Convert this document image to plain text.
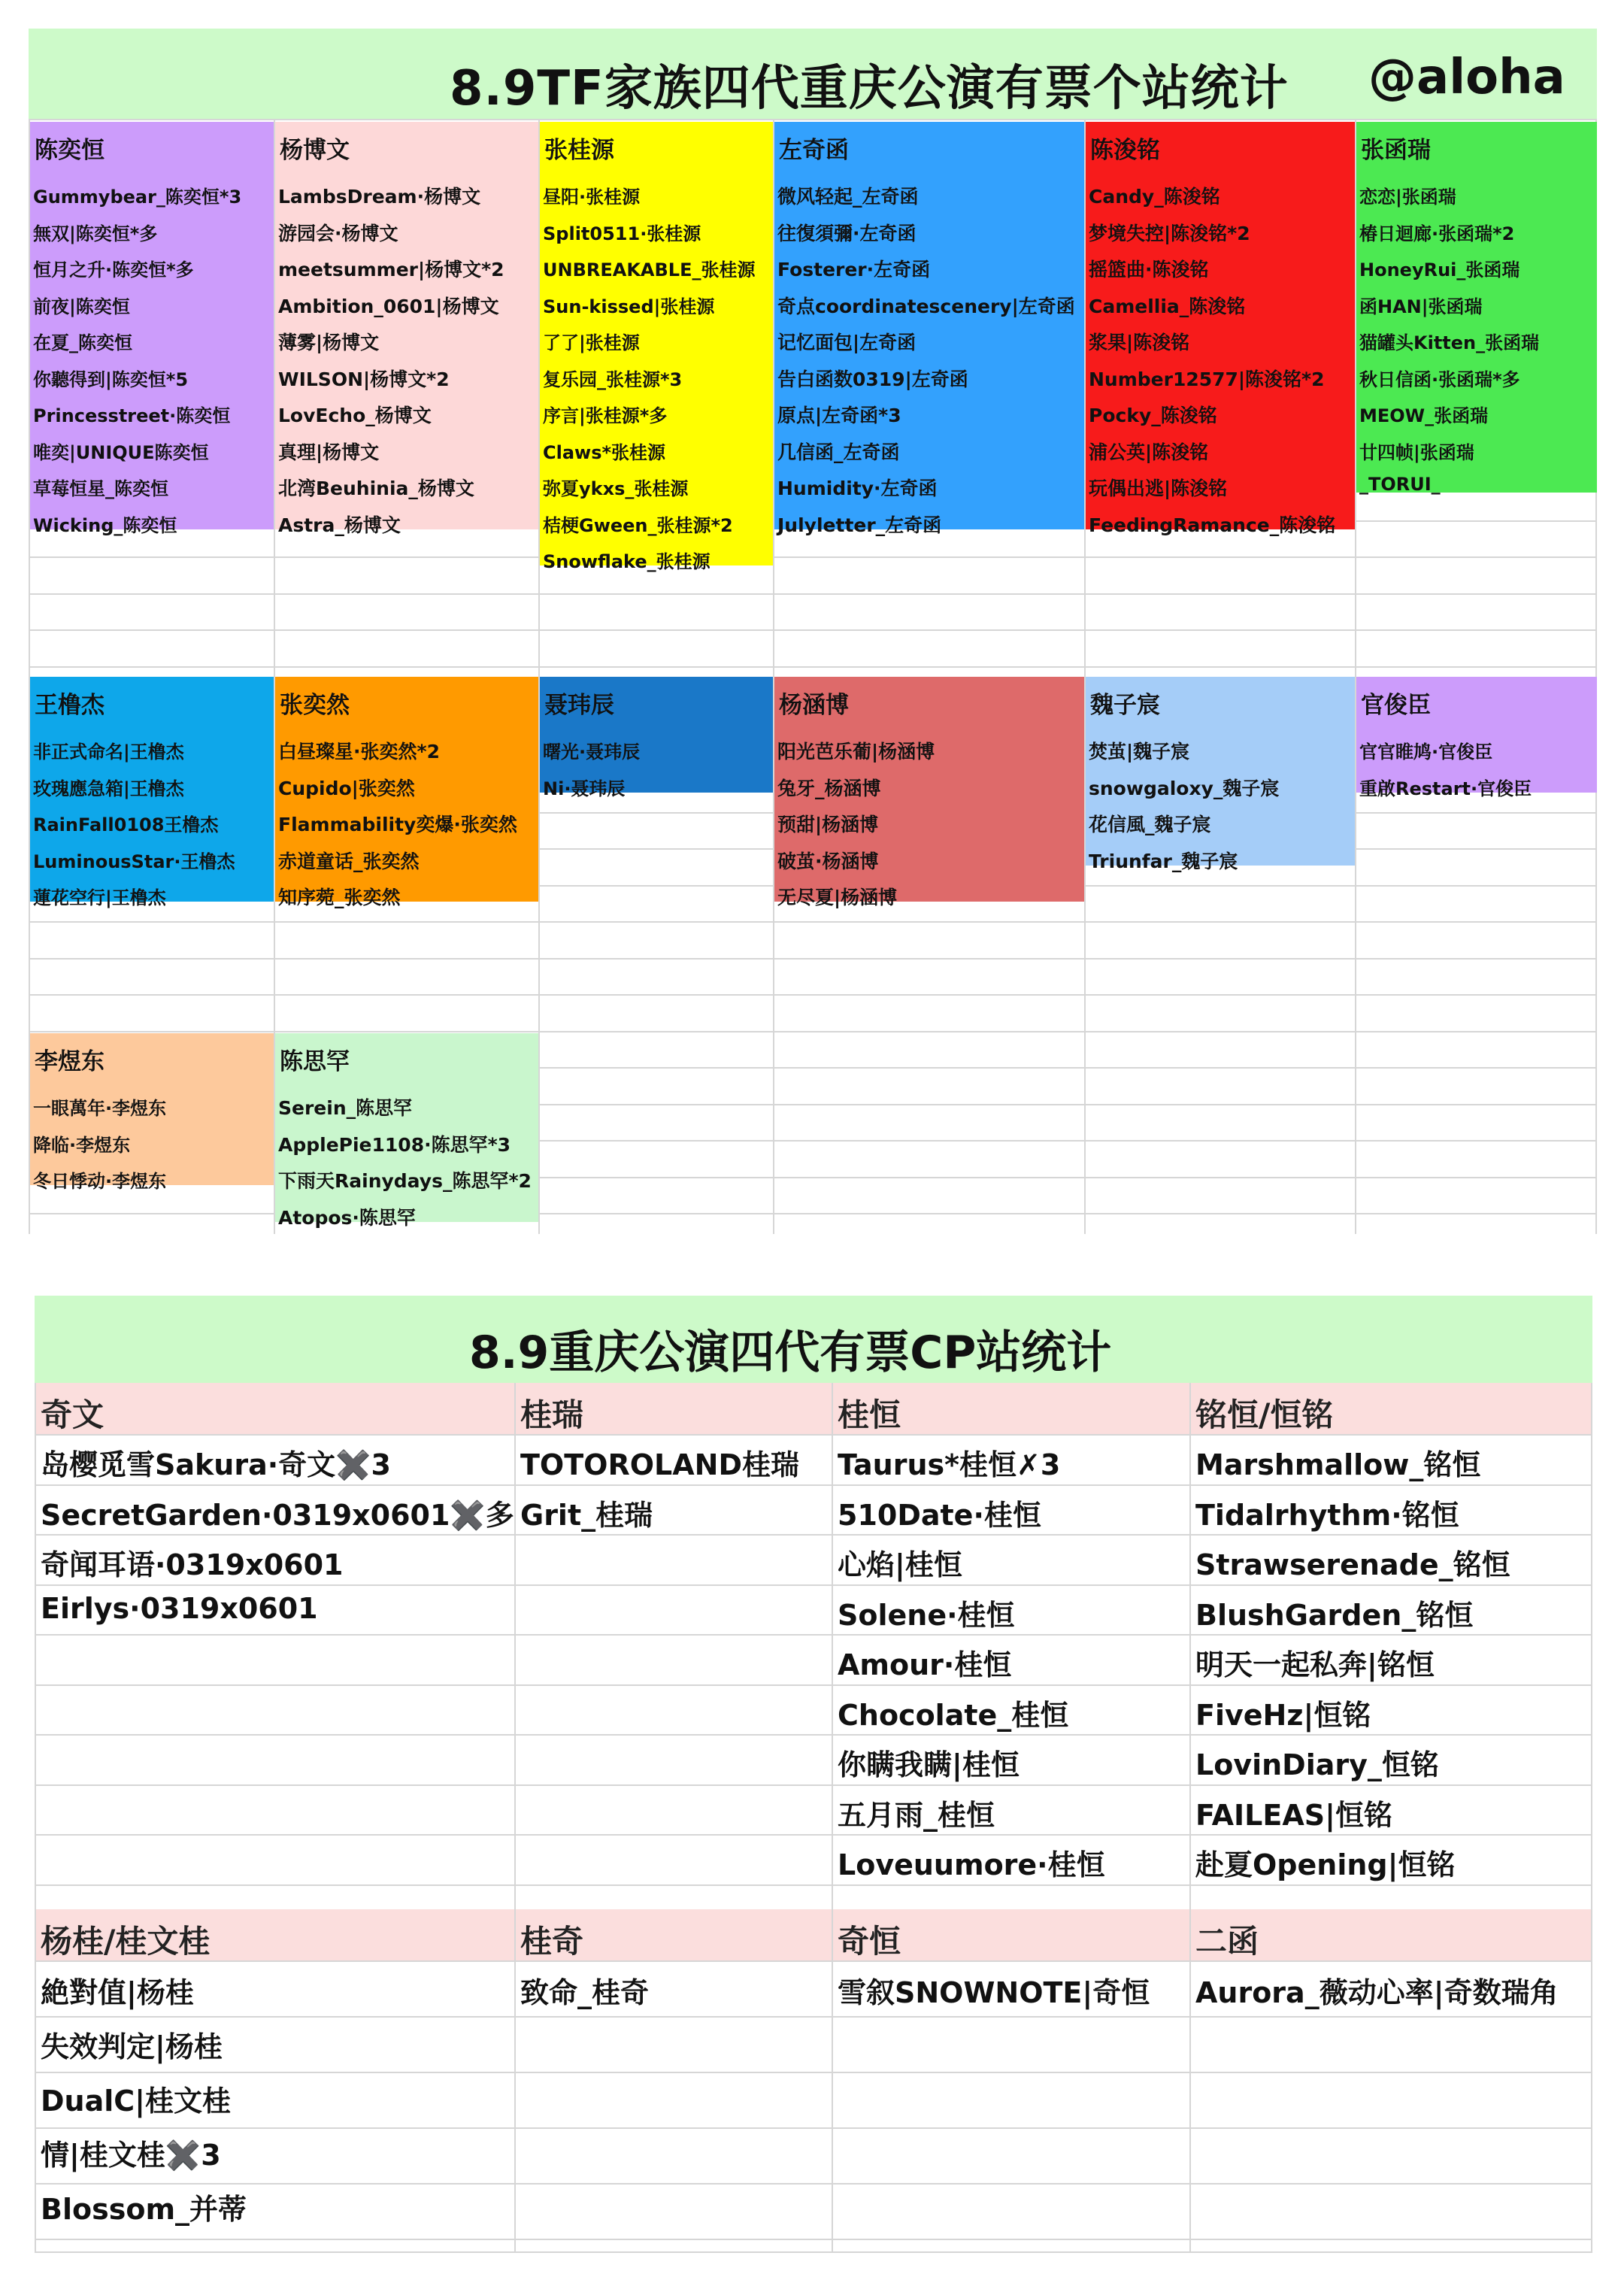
8.9TF家族四代重庆公演有票个站统计 @aloha
陈奕恒
Gummybear_陈奕恒*3
無双|陈奕恒*多
恒月之升·陈奕恒*多
前夜|陈奕恒
在夏_陈奕恒
你聽得到|陈奕恒*5
Princesstreet·陈奕恒
唯奕|UNIQUE陈奕恒
草莓恒星_陈奕恒
Wicking_陈奕恒
杨博文
LambsDream·杨博文
游园会·杨博文
meetsummer|杨博文*2
Ambition_0601|杨博文
薄雾|杨博文
WILSON|杨博文*2
LovEcho_杨博文
真理|杨博文
北湾Beuhinia_杨博文
Astra_杨博文
张桂源
昼阳·张桂源
Split0511·张桂源
UNBREAKABLE_张桂源
Sun-kissed|张桂源
了了|张桂源
复乐园_张桂源*3
序言|张桂源*多
Claws*张桂源
弥夏ykxs_张桂源
桔梗Gween_张桂源*2
Snowflake_张桂源
左奇函
微风轻起_左奇函
往復須彌·左奇函
Fosterer·左奇函
奇点coordinatescenery|左奇函
记忆面包|左奇函
告白函数0319|左奇函
原点|左奇函*3
几信函_左奇函
Humidity·左奇函
Julyletter_左奇函
陈浚铭
Candy_陈浚铭
梦境失控|陈浚铭*2
摇篮曲·陈浚铭
Camellia_陈浚铭
浆果|陈浚铭
Number12577|陈浚铭*2
Pocky_陈浚铭
浦公英|陈浚铭
玩偶出逃|陈浚铭
FeedingRamance_陈浚铭
张函瑞
恋恋|张函瑞
椿日迴廊·张函瑞*2
HoneyRui_张函瑞
函HAN|张函瑞
猫罐头Kitten_张函瑞
秋日信函·张函瑞*多
MEOW_张函瑞
廿四帧|张函瑞
_TORUI_
王橹杰
非正式命名|王橹杰
玫瑰應急箱|王橹杰
RainFall0108王橹杰
LuminousStar·王橹杰
蓮花空行|王橹杰
张奕然
白昼璨星·张奕然*2
Cupido|张奕然
Flammability奕爆·张奕然
赤道童话_张奕然
知序菀_张奕然
聂玮辰
曙光·聂玮辰
Ni·聂玮辰
杨涵博
阳光芭乐葡|杨涵博
兔牙_杨涵博
预甜|杨涵博
破茧·杨涵博
无尽夏|杨涵博
魏子宸
焚茧|魏子宸
snowgaloxy_魏子宸
花信風_魏子宸
Triunfar_魏子宸
官俊臣
官官睢鸠·官俊臣
重啟Restart·官俊臣
李煜东
一眼萬年·李煜东
降临·李煜东
冬日悸动·李煜东
陈思罕
Serein_陈思罕
ApplePie1108·陈思罕*3
下雨天Rainydays_陈思罕*2
Atopos·陈思罕
8.9重庆公演四代有票CP站统计
奇文
岛樱觅雪Sakura·奇文✖️3
SecretGarden·0319x0601✖️多
奇闻耳语·0319x0601
Eirlys·0319x0601
桂瑞
TOTOROLAND桂瑞
Grit_桂瑞
桂恒
Taurus*桂恒✗3
510Date·桂恒
心焰|桂恒
Solene·桂恒
Amour·桂恒
Chocolate_桂恒
你瞒我瞒|桂恒
五月雨_桂恒
Loveuumore·桂恒
铭恒/恒铭
Marshmallow_铭恒
Tidalrhythm·铭恒
Strawserenade_铭恒
BlushGarden_铭恒
明天一起私奔|铭恒
FiveHz|恒铭
LovinDiary_恒铭
FAILEAS|恒铭
赴夏Opening|恒铭
杨桂/桂文桂
絶對值|杨桂
失效判定|杨桂
DualC|桂文桂
情|桂文桂✖️3
Blossom_并蒂
桂奇
致命_桂奇
奇恒
雪叙SNOWNOTE|奇恒
二函
Aurora_薇动心率|奇数瑞角
